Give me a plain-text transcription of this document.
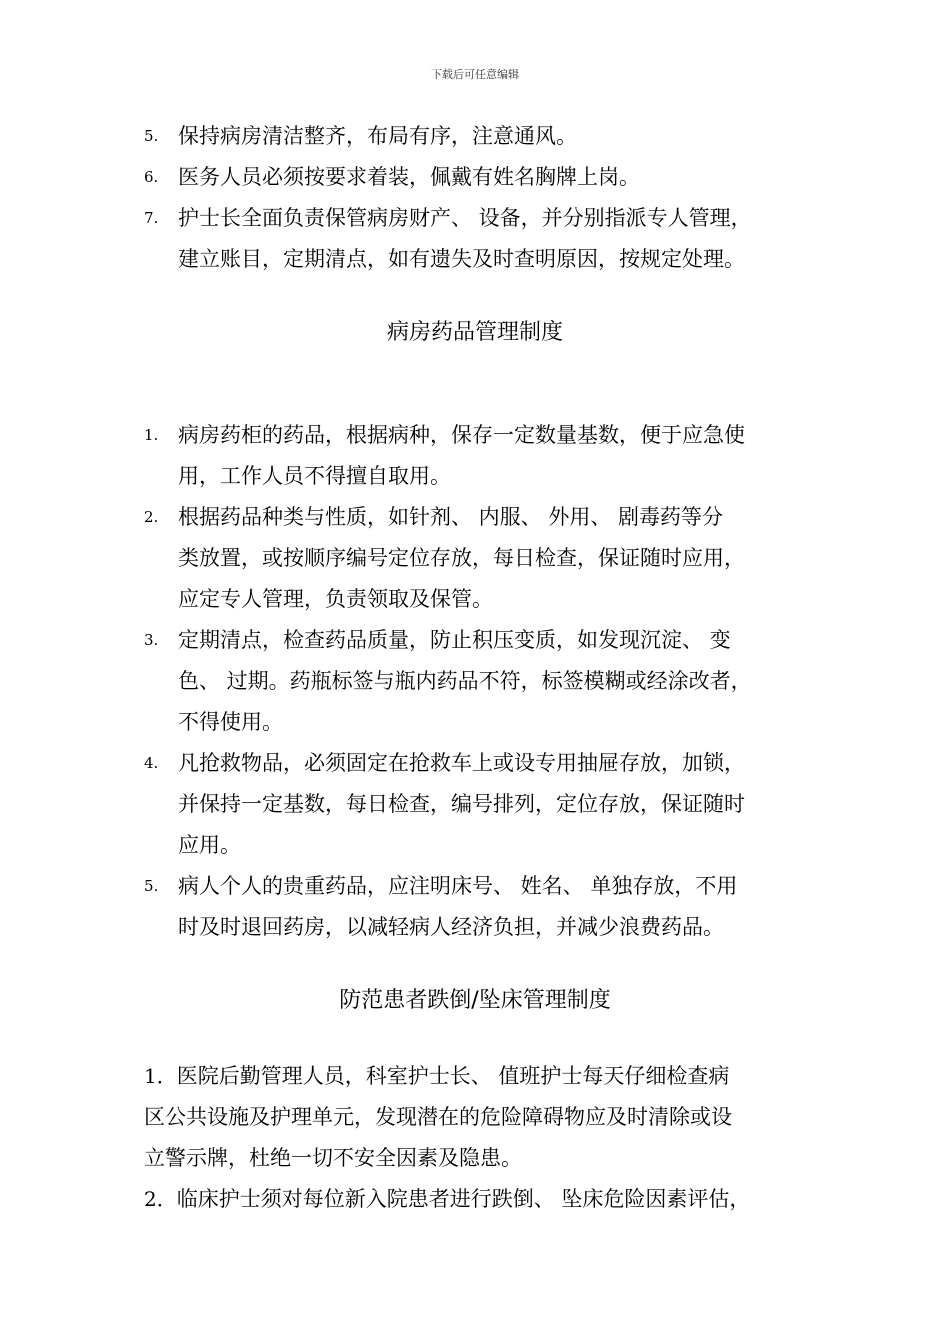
下载后可任意编辑
5. 保持病房清洁整齐，布局有序，注意通风。
6. 医务人员必须按要求着装，佩戴有姓名胸牌上岗。
7. 护士长全面负责保管病房财产、 设备，并分别指派专人管理，
建立账目，定期清点，如有遗失及时查明原因，按规定处理。
病房药品管理制度
1. 病房药柜的药品，根据病种，保存一定数量基数，便于应急使
用，工作人员不得擅自取用。
2. 根据药品种类与性质，如针剂、 内服、 外用、 剧毒药等分
类放置，或按顺序编号定位存放，每日检查，保证随时应用，
应定专人管理，负责领取及保管。
3. 定期清点，检查药品质量，防止积压变质，如发现沉淀、 变
色、 过期。药瓶标签与瓶内药品不符，标签模糊或经涂改者，
不得使用。
4. 凡抢救物品，必须固定在抢救车上或设专用抽屉存放，加锁，
并保持一定基数，每日检查，编号排列，定位存放，保证随时
应用。
5. 病人个人的贵重药品，应注明床号、 姓名、 单独存放，不用
时及时退回药房，以减轻病人经济负担，并减少浪费药品。
防范患者跌倒/坠床管理制度
1．医院后勤管理人员，科室护士长、 值班护士每天仔细检查病
区公共设施及护理单元，发现潜在的危险障碍物应及时清除或设
立警示牌，杜绝一切不安全因素及隐患。
2．临床护士须对每位新入院患者进行跌倒、 坠床危险因素评估，
